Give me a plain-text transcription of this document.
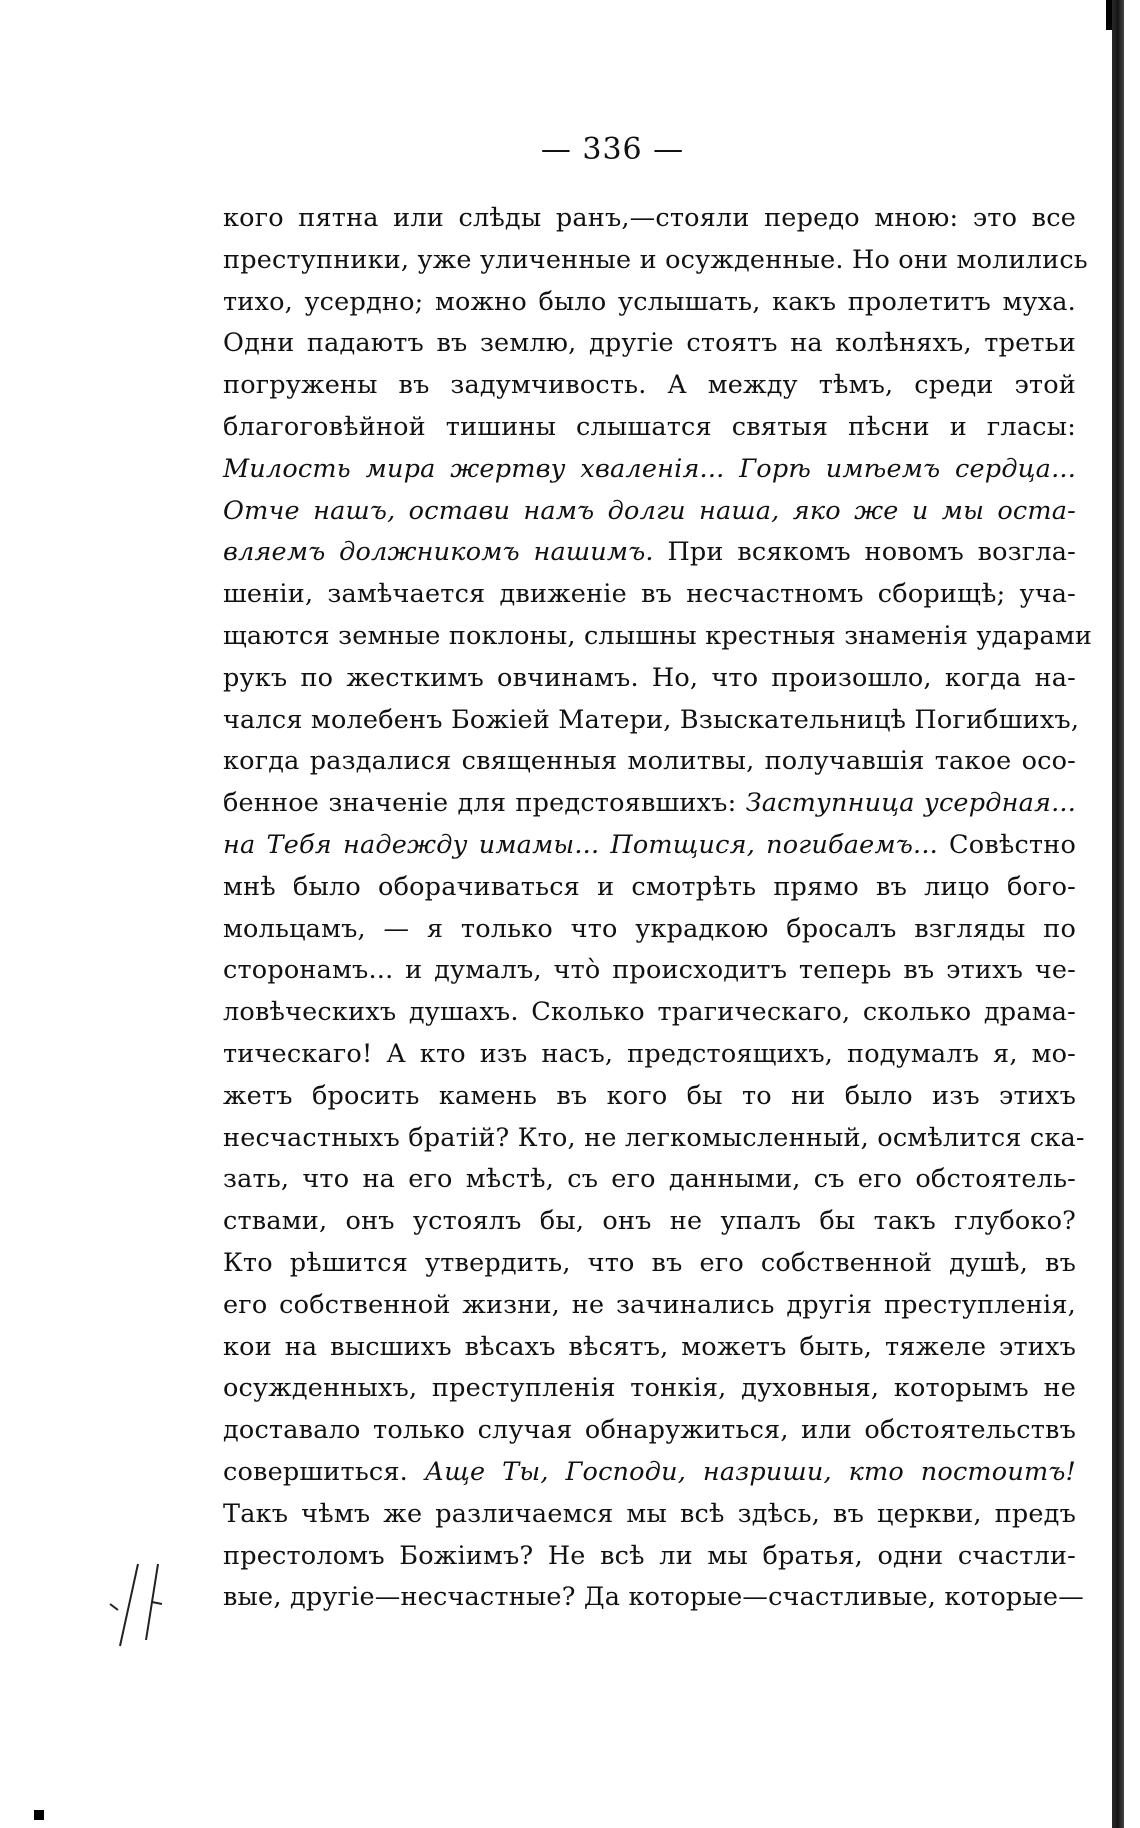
— 336 —
кого пятна или слѣды ранъ,—стояли передо мною: это все
преступники, уже уличенные и осужденные. Но они молились
тихо, усердно; можно было услышать, какъ пролетитъ муха.
Одни падаютъ въ землю, другіе стоятъ на колѣняхъ, третьи
погружены въ задумчивость. А между тѣмъ, среди этой
благоговѣйной тишины слышатся святыя пѣсни и гласы:
Милость мира жертву хваленія... Горѣ имѣемъ сердца...
Отче нашъ, остави намъ долги наша, яко же и мы оста-
вляемъ должникомъ нашимъ. При всякомъ новомъ возгла-
шеніи, замѣчается движеніе въ несчастномъ сборищѣ; уча-
щаются земные поклоны, слышны крестныя знаменія ударами
рукъ по жесткимъ овчинамъ. Но, что произошло, когда на-
чался молебенъ Божіей Матери, Взыскательницѣ Погибшихъ,
когда раздалися священныя молитвы, получавшія такое осо-
бенное значеніе для предстоявшихъ: Заступница усердная...
на Тебя надежду имамы... Потщися, погибаемъ... Совѣстно
мнѣ было оборачиваться и смотрѣть прямо въ лицо бого-
мольцамъ, — я только что украдкою бросалъ взгляды по
сторонамъ... и думалъ, что̀ происходитъ теперь въ этихъ че-
ловѣческихъ душахъ. Сколько трагическаго, сколько драма-
тическаго! А кто изъ насъ, предстоящихъ, подумалъ я, мо-
жетъ бросить камень въ кого бы то ни было изъ этихъ
несчастныхъ братій? Кто, не легкомысленный, осмѣлится ска-
зать, что на его мѣстѣ, съ его данными, съ его обстоятель-
ствами, онъ устоялъ бы, онъ не упалъ бы такъ глубоко?
Кто рѣшится утвердить, что въ его собственной душѣ, въ
его собственной жизни, не зачинались другія преступленія,
кои на высшихъ вѣсахъ вѣсятъ, можетъ быть, тяжеле этихъ
осужденныхъ, преступленія тонкія, духовныя, которымъ не
доставало только случая обнаружиться, или обстоятельствъ
совершиться. Аще Ты, Господи, назриши, кто постоитъ!
Такъ чѣмъ же различаемся мы всѣ здѣсь, въ церкви, предъ
престоломъ Божіимъ? Не всѣ ли мы братья, одни счастли-
вые, другіе—несчастные? Да которые—счастливые, которые—
